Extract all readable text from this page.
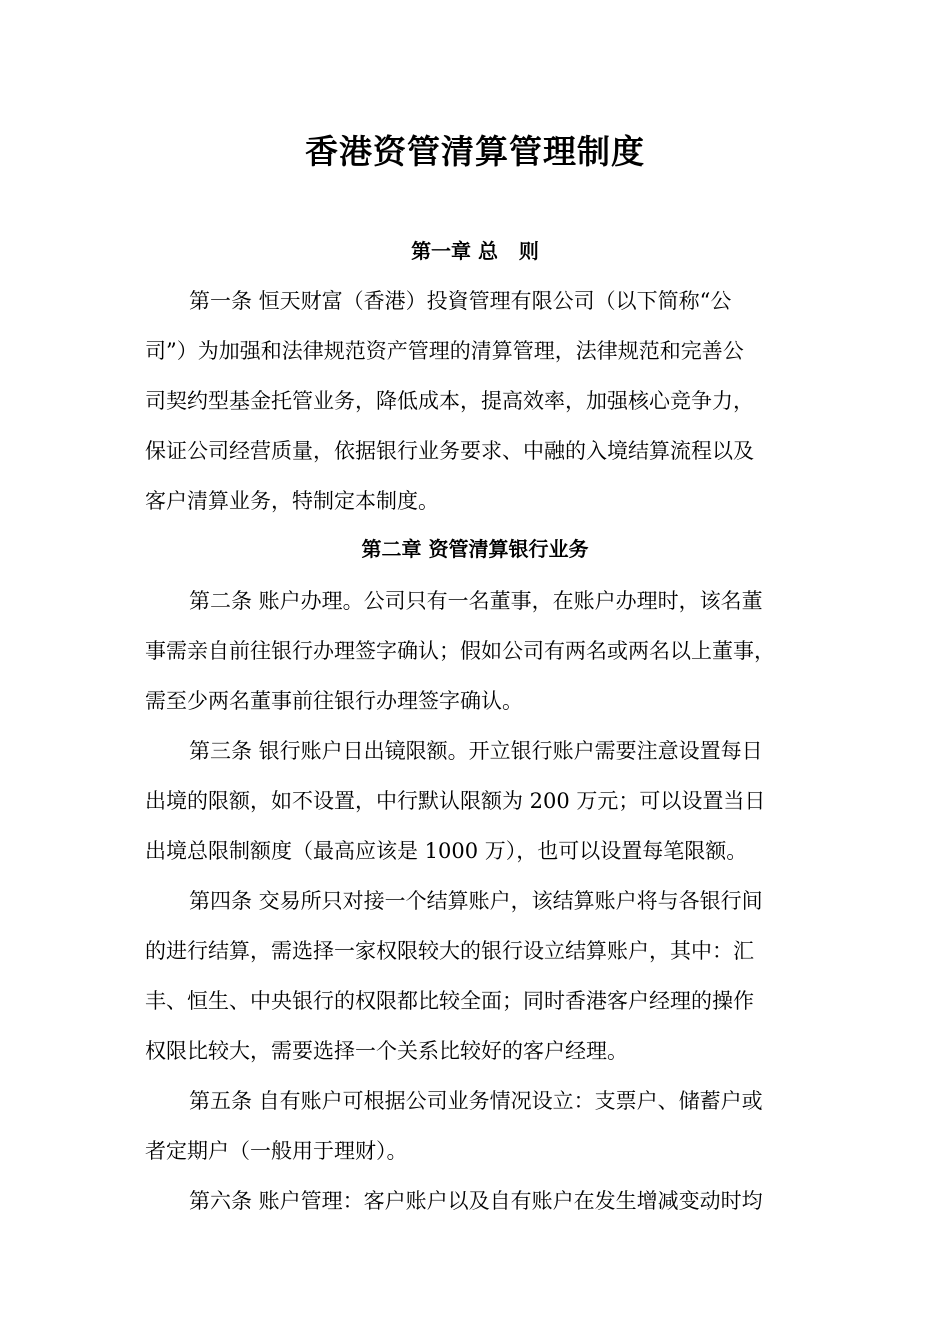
香港资管清算管理制度
第一章 总   则

第一条 恒天财富（香港）投資管理有限公司（以下简称“公

司”）为加强和法律规范资产管理的清算管理，法律规范和完善公

司契约型基金托管业务，降低成本，提高效率，加强核心竞争力，

保证公司经营质量，依据银行业务要求、中融的入境结算流程以及

客户清算业务，特制定本制度。

第二章 资管清算银行业务

第二条 账户办理。公司只有一名董事，在账户办理时，该名董

事需亲自前往银行办理签字确认；假如公司有两名或两名以上董事，

需至少两名董事前往银行办理签字确认。

第三条 银行账户日出镜限额。开立银行账户需要注意设置每日

出境的限额，如不设置，中行默认限额为 200 万元；可以设置当日

出境总限制额度（最高应该是 1000 万），也可以设置每笔限额。

第四条 交易所只对接一个结算账户，该结算账户将与各银行间

的进行结算，需选择一家权限较大的银行设立结算账户，其中：汇

丰、恒生、中央银行的权限都比较全面；同时香港客户经理的操作

权限比较大，需要选择一个关系比较好的客户经理。

第五条 自有账户可根据公司业务情况设立：支票户、储蓄户或

者定期户（一般用于理财）。

第六条 账户管理：客户账户以及自有账户在发生增减变动时均
